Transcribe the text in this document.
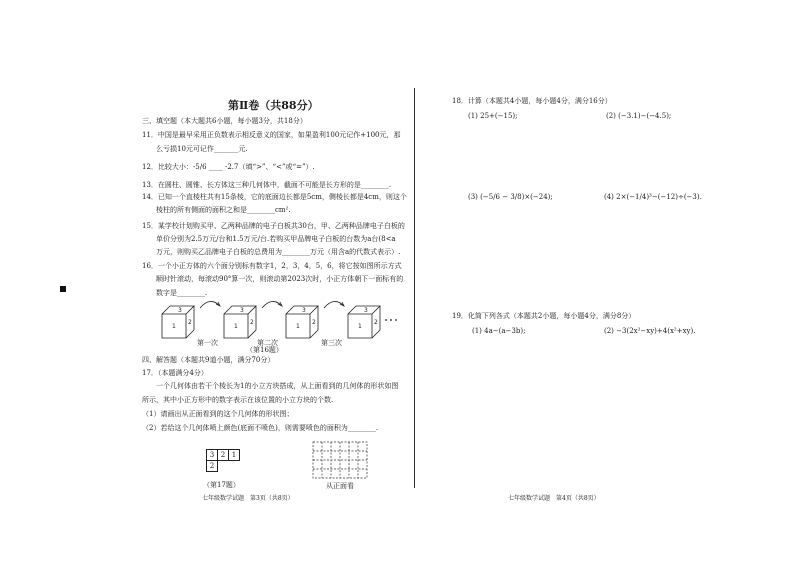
第Ⅱ卷（共88分）
三、填空题（本大题共6小题，每小题3分，共18分）
11．中国是最早采用正负数表示相反意义的国家，如果盈利100元记作+100元，那
么亏损10元可记作_______元.
12．比较大小：-5/6 ____ -2.7（填“>”、“<”或“=”）.
13．在圆柱、圆锥、长方体这三种几何体中，截面不可能是长方形的是________.
14．已知一个直棱柱共有15条棱，它的底面边长都是5cm，侧棱长都是4cm，则这个
棱柱的所有侧面的面积之和是________cm².
15．某学校计划购买甲、乙两种品牌的电子白板共30台，甲、乙两种品牌电子白板的
单价分别为2.5万元/台和1.5万元/台.若购买甲品牌电子白板的台数为a台(8<a
万元，则购买乙品牌电子白板的总费用为________万元（用含a的代数式表示）.
16．一个小正方体的六个面分别标有数字1，2，3，4，5，6，将它按如图所示方式
顺时针滚动，每滚动90°算一次，则滚动第2023次时，小正方体朝下一面标有的
数字是________.
1
3
2
1
3
2
1
3
2
1
3
2
第一次	第二次	第三次
（第16题）
四、解答题（本题共9道小题，满分70分）
17．（本题满分4分）
一个几何体由若干个棱长为1的小立方块搭成，从上面看到的几何体的形状如图
所示，其中小正方形中的数字表示在该位置的小立方块的个数.
（1）请画出从正面看到的这个几何体的形状图；
（2）若给这个几何体喷上颜色(底面不喷色)，则需要喷色的面积为________.
3 2 1
2
（第17题）	从正面看
七年级数学试题　第3页（共8页）
18．计算（本题共4小题，每小题4分，满分16分）
(1) 25+(−15);	(2) (−3.1)−(−4.5);
(3) (−5/6 − 3/8)×(−24);	(4) 2×(−1/4)³−(−12)÷(−3).
19．化简下列各式（本题共2小题，每小题4分，满分8分）
(1) 4a−(a−3b);	(2) −3(2x²−xy)+4(x²+xy).
七年级数学试题　第4页（共8页）
